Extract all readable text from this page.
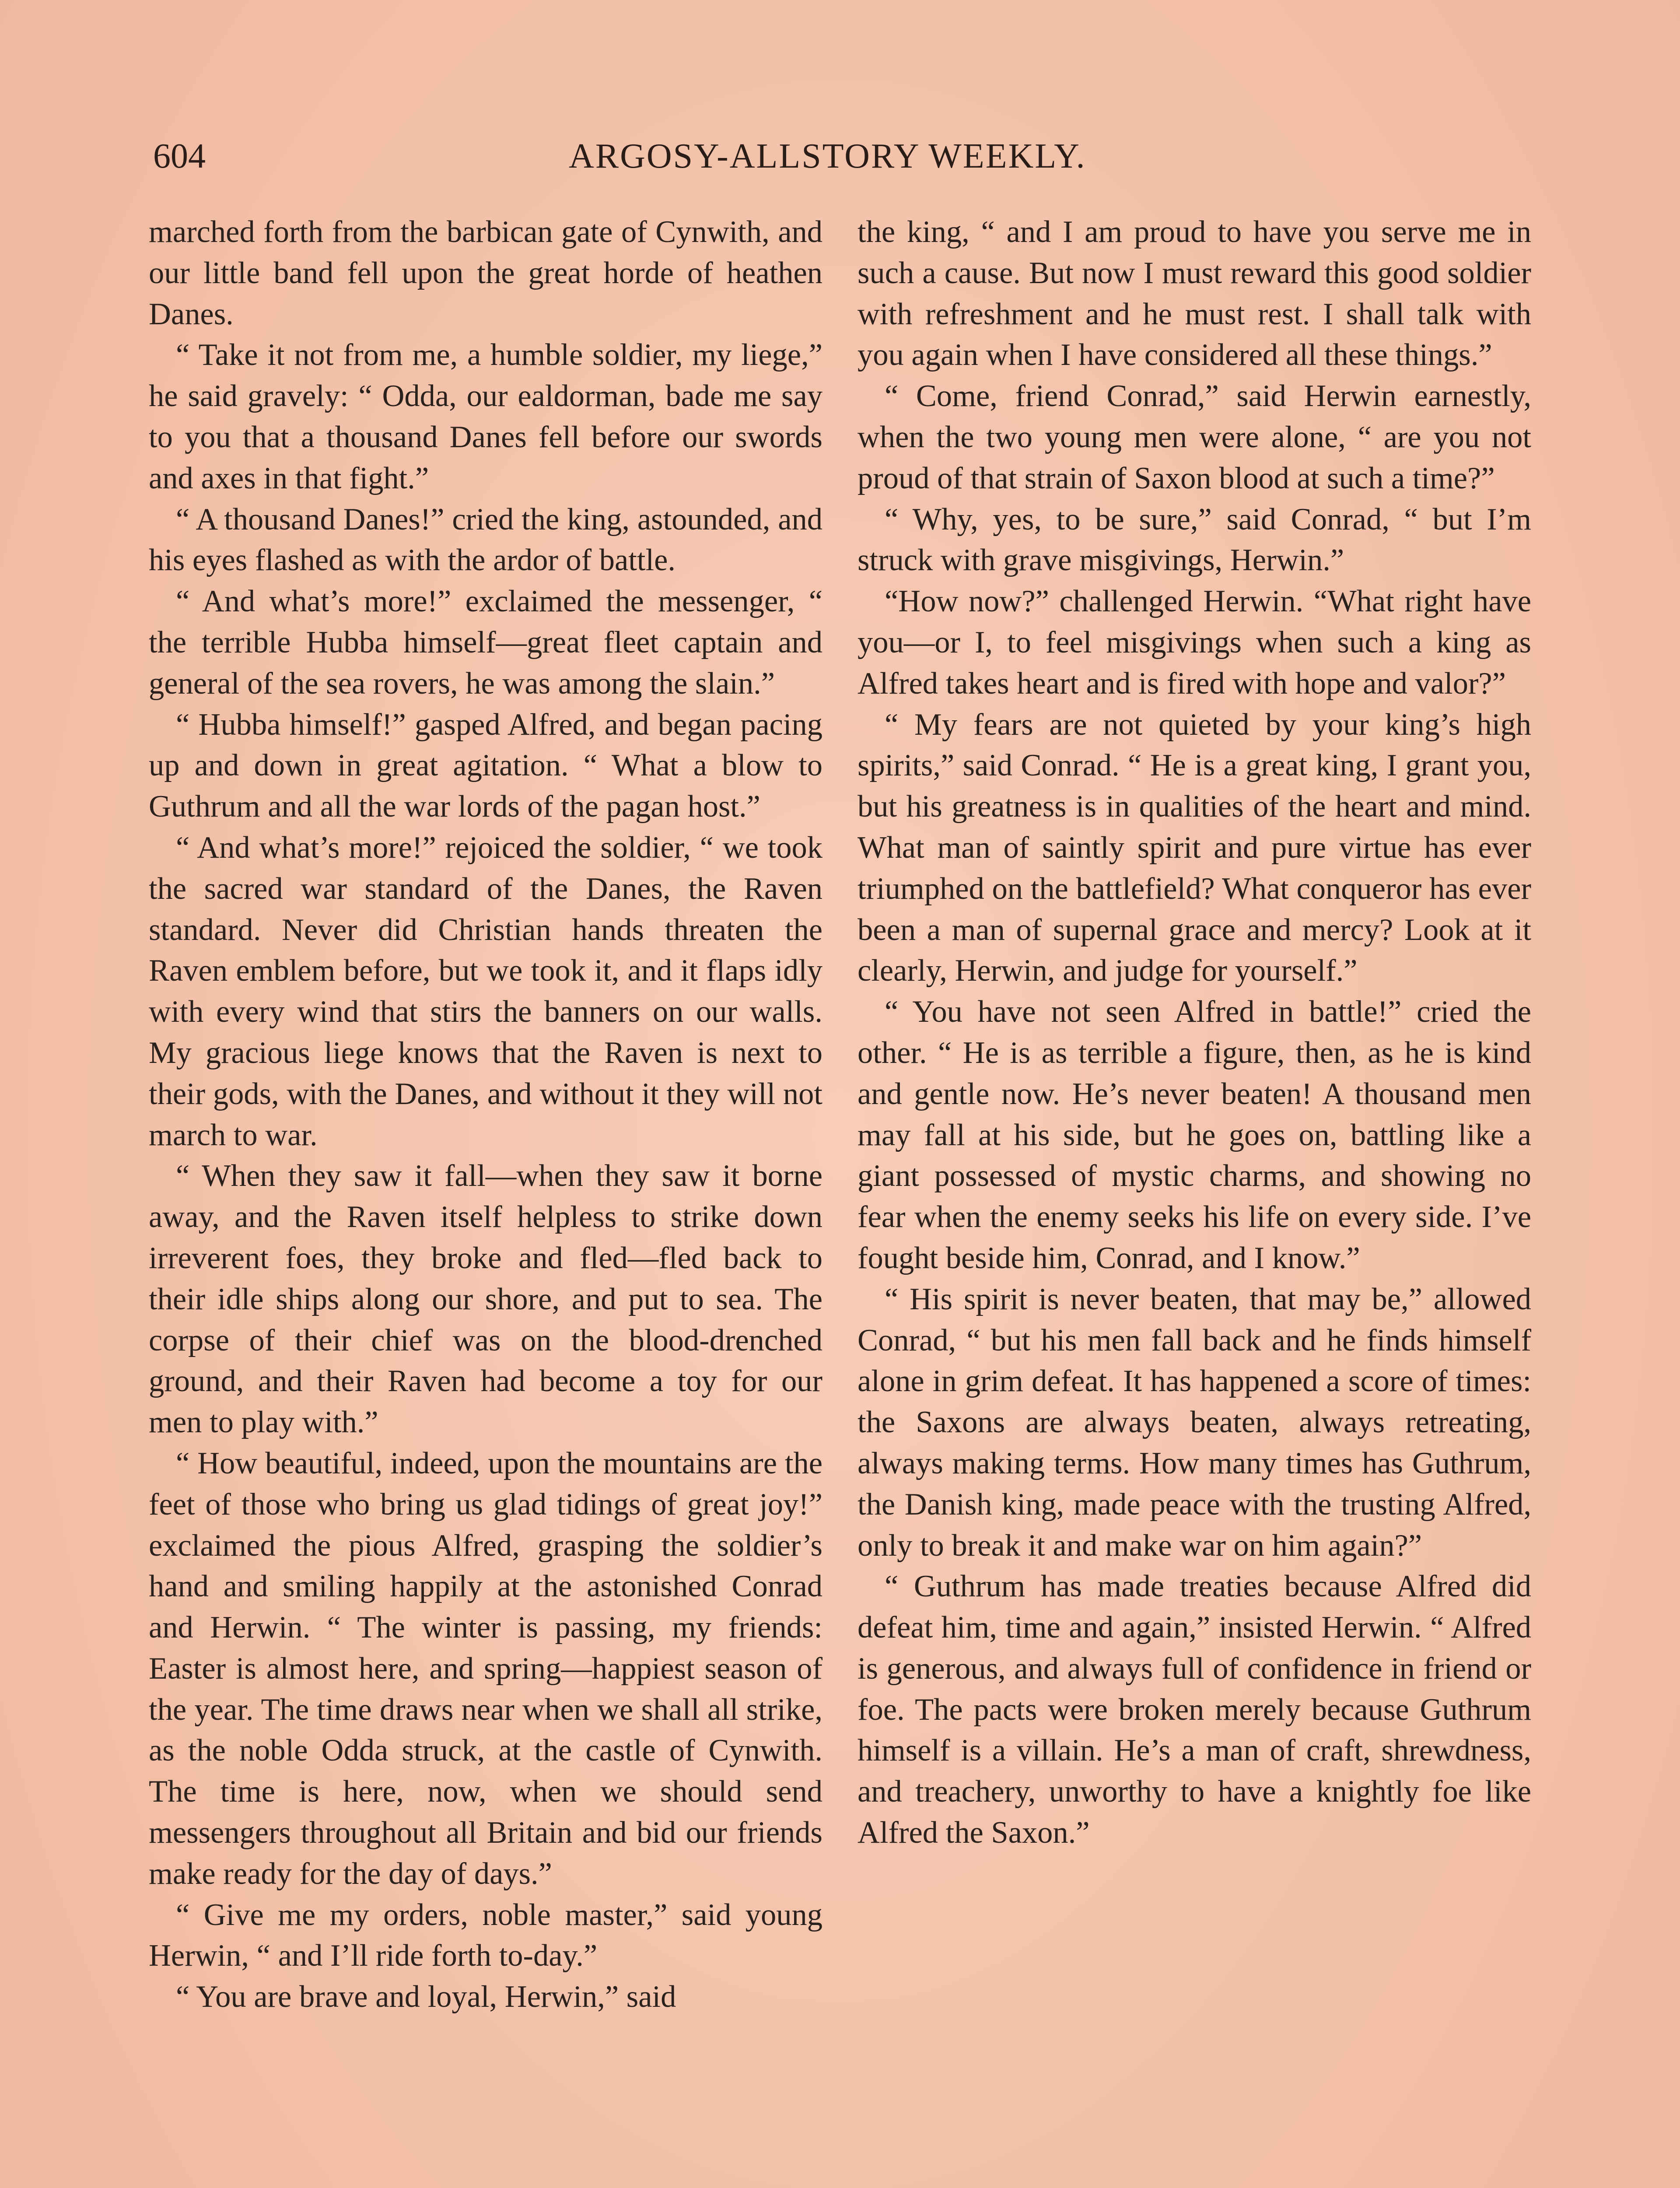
604	ARGOSY-ALLSTORY WEEKLY.

marched forth from the barbican gate of Cynwith, and our little band fell upon the great horde of heathen Danes.

“ Take it not from me, a humble soldier, my liege,” he said gravely: “ Odda, our ealdorman, bade me say to you that a thousand Danes fell before our swords and axes in that fight.”

“ A thousand Danes!” cried the king, astounded, and his eyes flashed as with the ardor of battle.

“ And what’s more!” exclaimed the messenger, “ the terrible Hubba himself—great fleet captain and general of the sea rovers, he was among the slain.”

“ Hubba himself!” gasped Alfred, and began pacing up and down in great agitation. “ What a blow to Guthrum and all the war lords of the pagan host.”

“ And what’s more!” rejoiced the soldier, “ we took the sacred war standard of the Danes, the Raven standard. Never did Christian hands threaten the Raven emblem before, but we took it, and it flaps idly with every wind that stirs the banners on our walls. My gracious liege knows that the Raven is next to their gods, with the Danes, and without it they will not march to war.

“ When they saw it fall—when they saw it borne away, and the Raven itself helpless to strike down irreverent foes, they broke and fled—fled back to their idle ships along our shore, and put to sea. The corpse of their chief was on the blood-drenched ground, and their Raven had become a toy for our men to play with.”

“ How beautiful, indeed, upon the mountains are the feet of those who bring us glad tidings of great joy!” exclaimed the pious Alfred, grasping the soldier’s hand and smiling happily at the astonished Conrad and Herwin. “ The winter is passing, my friends: Easter is almost here, and spring—happiest season of the year. The time draws near when we shall all strike, as the noble Odda struck, at the castle of Cynwith. The time is here, now, when we should send messengers throughout all Britain and bid our friends make ready for the day of days.”

“ Give me my orders, noble master,” said young Herwin, “ and I’ll ride forth to-day.”

“ You are brave and loyal, Herwin,” said

the king, “ and I am proud to have you serve me in such a cause. But now I must reward this good soldier with refreshment and he must rest. I shall talk with you again when I have considered all these things.”

“ Come, friend Conrad,” said Herwin earnestly, when the two young men were alone, “ are you not proud of that strain of Saxon blood at such a time?”

“ Why, yes, to be sure,” said Conrad, “ but I’m struck with grave misgivings, Herwin.”

“How now?” challenged Herwin. “What right have you—or I, to feel misgivings when such a king as Alfred takes heart and is fired with hope and valor?”

“ My fears are not quieted by your king’s high spirits,” said Conrad. “ He is a great king, I grant you, but his greatness is in qualities of the heart and mind. What man of saintly spirit and pure virtue has ever triumphed on the battlefield? What conqueror has ever been a man of supernal grace and mercy? Look at it clearly, Herwin, and judge for yourself.”

“ You have not seen Alfred in battle!” cried the other. “ He is as terrible a figure, then, as he is kind and gentle now. He’s never beaten! A thousand men may fall at his side, but he goes on, battling like a giant possessed of mystic charms, and showing no fear when the enemy seeks his life on every side. I’ve fought beside him, Conrad, and I know.”

“ His spirit is never beaten, that may be,” allowed Conrad, “ but his men fall back and he finds himself alone in grim defeat. It has happened a score of times: the Saxons are always beaten, always retreating, always making terms. How many times has Guthrum, the Danish king, made peace with the trusting Alfred, only to break it and make war on him again?”

“ Guthrum has made treaties because Alfred did defeat him, time and again,” insisted Herwin. “ Alfred is generous, and always full of confidence in friend or foe. The pacts were broken merely because Guthrum himself is a villain. He’s a man of craft, shrewdness, and treachery, unworthy to have a knightly foe like Alfred the Saxon.”
